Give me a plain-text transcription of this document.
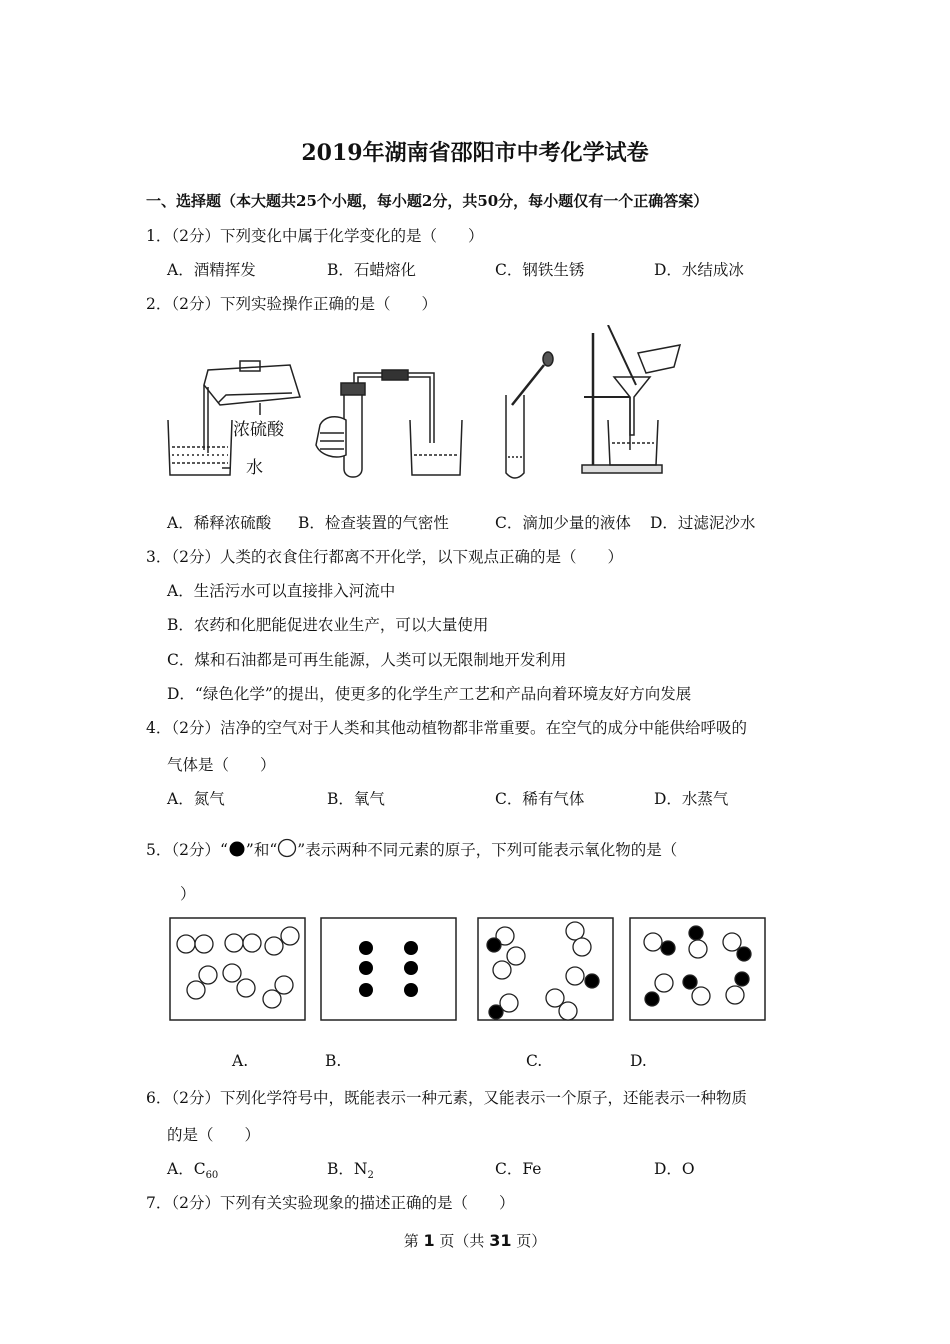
2019年湖南省邵阳市中考化学试卷
一、选择题（本大题共25个小题，每小题2分，共50分，每小题仅有一个正确答案）
1．（2分）下列变化中属于化学变化的是（　　）
A．酒精挥发	B．石蜡熔化	C．钢铁生锈	D．水结成冰
2．（2分）下列实验操作正确的是（　　）
浓硫酸
水
A．稀释浓硫酸 B．检查装置的气密性	C．滴加少量的液体 D．过滤泥沙水
3．（2分）人类的衣食住行都离不开化学，以下观点正确的是（　　）
A．生活污水可以直接排入河流中
B．农药和化肥能促进农业生产，可以大量使用
C．煤和石油都是可再生能源，人类可以无限制地开发利用
D．“绿色化学”的提出，使更多的化学生产工艺和产品向着环境友好方向发展
4．（2分）洁净的空气对于人类和其他动植物都非常重要。在空气的成分中能供给呼吸的
气体是（　　）
A．氮气	B．氧气	C．稀有气体	D．水蒸气
5．（2分）“ ”和“ ”表示两种不同元素的原子，下列可能表示氧化物的是（
）
A.	B.	C.	D.
6．（2分）下列化学符号中，既能表示一种元素，又能表示一个原子，还能表示一种物质
的是（　　）
A．$C_{60}$	B．$N_2$	C．Fe	D．O
7．（2分）下列有关实验现象的描述正确的是（　　）
第 1 页（共 31 页）
